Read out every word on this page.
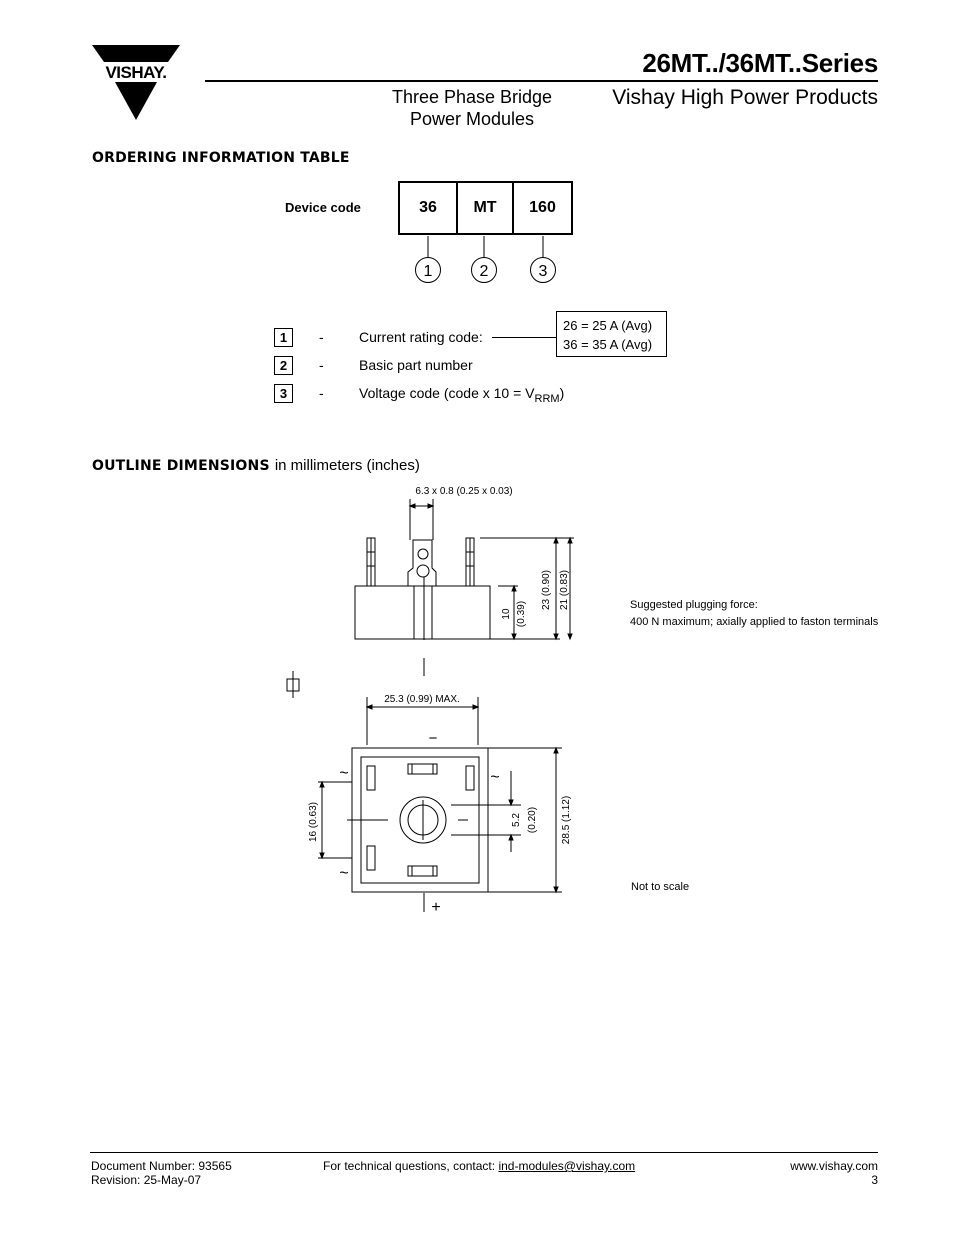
VISHAY.	26MT../36MT..Series
Three Phase Bridge
Power Modules
Vishay High Power Products
ORDERING INFORMATION TABLE
Device code	36	MT	160
1	2	3
1	-	Current rating code:
26 = 25 A (Avg)
36 = 35 A (Avg)
2	-	Basic part number
3	-	Voltage code (code x $10 = V_{RRM}$)
OUTLINE DIMENSIONS in millimeters (inches)
6.3 x 0.8 (0.25 x 0.03)
10 (0.39)
23 (0.90) 21 (0.83)
25.3 (0.99) MAX.
−
+
~
~
~
16 (0.63)	5.2 (0.20) 28.5 (1.12)
Suggested plugging force:
400 N maximum; axially applied to faston terminals
Not to scale
Document Number: 93565
Revision: 25-May-07
For technical questions, contact: ind-modules@vishay.com	www.vishay.com
3
